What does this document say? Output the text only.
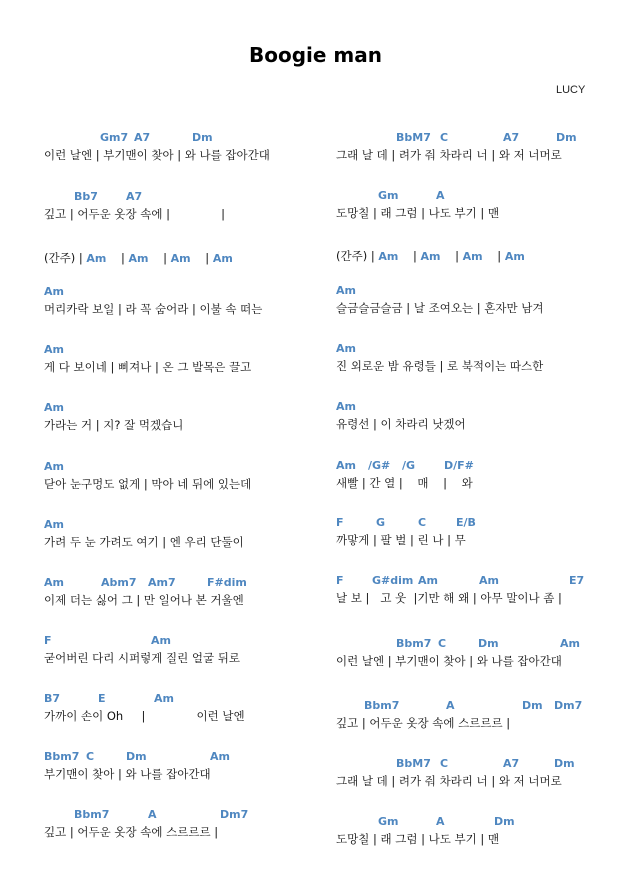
Boogie man
LUCY
Gm7 A7	Dm
이런 날엔 | 부기맨이 찾아 | 와 나를 잡아간대
Bb7	A7
깊고 | 어두운 옷장 속에 |              |
(간주) | Am    | Am    | Am    | Am
Am
머리카락 보일 | 라 꼭 숨어라 | 이불 속 떠는
Am
게 다 보이네 | 삐져나 | 온 그 발목은 끌고
Am
가라는 거 | 지? 잘 먹겠습니
Am
닫아 눈구멍도 없게 | 막아 네 뒤에 있는데
Am
가려 두 눈 가려도 여기 | 엔 우리 단둘이
Am	Abm7 Am7	F#dim
이제 더는 싫어 그 | 만 일어나 본 거울엔
F	Am
굳어버린 다리 시퍼렇게 질린 얼굴 뒤로
B7	E	Am
가까이 손이 Oh     |              이런 날엔
Bbm7 C	Dm	Am
부기맨이 찾아 | 와 나를 잡아간대
Bbm7	A	Dm7
깊고 | 어두운 옷장 속에 스르르르 |
BbM7 C	A7	Dm
그래 날 데 | 려가 줘 차라리 너 | 와 저 너머로
Gm	A
도망칠 | 래 그럼 | 나도 부기 | 맨
(간주) | Am    | Am    | Am    | Am
Am
슬금슬금슬금 | 날 조여오는 | 혼자만 남겨
Am
진 외로운 밤 유령들 | 로 북적이는 따스한
Am
유령선 | 이 차라리 낫겠어
Am /G# /G	D/F#
새빨 | 간 열 |    매    |    와
F	G	C	E/B
까맣게 | 팔 벌 | 린 나 | 무
F	G#dim Am	Am	E7
날 보 |   고 웃  |기만 해 왜 | 아무 말이나 좀 |
Bbm7 C	Dm	Am
이런 날엔 | 부기맨이 찾아 | 와 나를 잡아간대
Bbm7	A	Dm Dm7
깊고 | 어두운 옷장 속에 스르르르 |
BbM7 C	A7	Dm
그래 날 데 | 려가 줘 차라리 너 | 와 저 너머로
Gm	A	Dm
도망칠 | 래 그럼 | 나도 부기 | 맨
